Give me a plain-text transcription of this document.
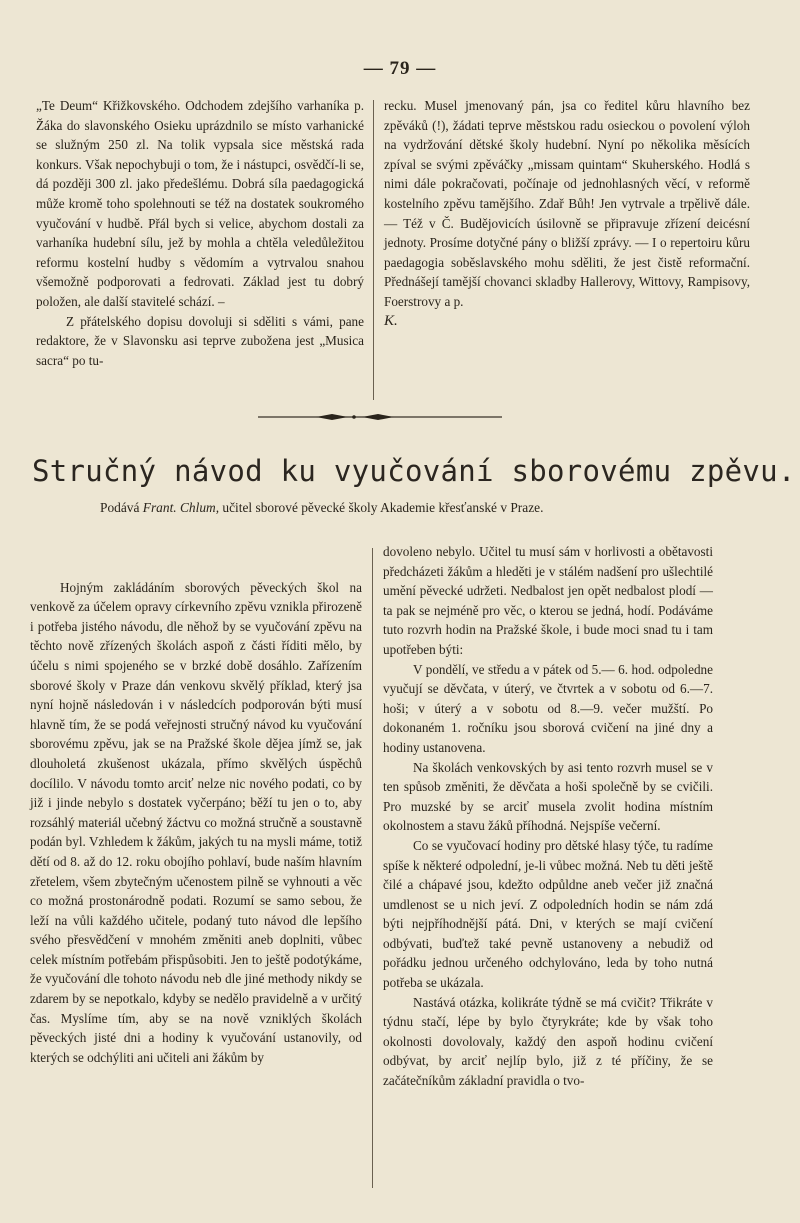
— 79 —

„Te Deum“ Křižkovského. Odchodem zdejšího varhaníka p. Žáka do slavonského Osieku uprázdnilo se místo varhanické se služným 250 zl. Na tolik vypsala sice městská rada konkurs. Však nepochybuji o tom, že i nástupci, osvědčí-li se, dá později 300 zl. jako předešlému. Dobrá síla paedagogická může kromě toho spolehnouti se též na dostatek soukromého vyučování v hudbě. Přál bych si velice, abychom dostali za varhaníka hudební sílu, jež by mohla a chtěla veledůležitou reformu kostelní hudby s vědomím a vytrvalou snahou všemožně podporovati a fedrovati. Základ jest tu dobrý položen, ale další stavitelé schází. –

Z přátelského dopisu dovoluji si sděliti s vámi, pane redaktore, že v Slavonsku asi teprve zubožena jest „Musica sacra“ po tu-

recku. Musel jmenovaný pán, jsa co ředitel kůru hlavního bez zpěváků (!), žádati teprve městskou radu osieckou o povolení výloh na vydržování dětské školy hudební. Nyní po několika měsících zpíval se svými zpěváčky „missam quintam“ Skuherského. Hodlá s nimi dále pokračovati, počínaje od jednohlasných věcí, v reformě kostelního zpěvu tamějšího. Zdař Bůh! Jen vytrvale a trpělivě dále. — Též v Č. Budějovicích úsilovně se připravuje zřízení deicésní jednoty. Prosíme dotyčné pány o bližší zprávy. — I o repertoiru kůru paedagogia soběslavského mohu sděliti, že jest čistě reformační. Přednášejí tamější chovanci skladby Hallerovy, Wittovy, Rampisovy, Foerstrovy a p.

K.

Stručný návod ku vyučování sborovému zpěvu.
Podává Frant. Chlum, učitel sborové pěvecké školy Akademie křesťanské v Praze.

Hojným zakládáním sborových pěveckých škol na venkově za účelem opravy církevního zpěvu vznikla přirozeně i potřeba jistého návodu, dle něhož by se vyučování zpěvu na těchto nově zřízených školách aspoň z části říditi mělo, by účelu s nimi spojeného se v brzké době dosáhlo. Zařízením sborové školy v Praze dán venkovu skvělý příklad, který jsa nyní hojně následován i v následcích podporován býti musí hlavně tím, že se podá veřejnosti stručný návod ku vyučování sborovému zpěvu, jak se na Pražské škole dějea jímž se, jak dlouholetá zkušenost ukázala, přímo skvělých úspěchů docílilo. V návodu tomto arciť nelze nic nového podati, co by již i jinde nebylo s dostatek vyčerpáno; běží tu jen o to, aby rozsáhlý materiál učebný žáctvu co možná stručně a soustavně podán byl. Vzhledem k žákům, jakých tu na mysli máme, totiž dětí od 8. až do 12. roku obojího pohlaví, bude naším hlavním zřetelem, všem zbytečným učenostem pilně se vyhnouti a věc co možná prostonárodně podati. Rozumí se samo sebou, že leží na vůli každého učitele, podaný tuto návod dle lepšího svého přesvědčení v mnohém změniti aneb doplniti, vůbec celek místním potřebám přispůsobiti. Jen to ještě podotýkáme, že vyučování dle tohoto návodu neb dle jiné methody nikdy se zdarem by se nepotkalo, kdyby se nedělo pravidelně a v určitý čas. Myslíme tím, aby se na nově vzniklých školách pěveckých jisté dni a hodiny k vyučování ustanovily, od kterých se odchýliti ani učiteli ani žákům by

dovoleno nebylo. Učitel tu musí sám v horlivosti a obětavosti předcházeti žákům a hleděti je v stálém nadšení pro ušlechtilé umění pěvecké udržeti. Nedbalost jen opět nedbalost plodí — ta pak se nejméně pro věc, o kterou se jedná, hodí. Podáváme tuto rozvrh hodin na Pražské škole, i bude moci snad tu i tam upotřeben býti:

V pondělí, ve středu a v pátek od 5.— 6. hod. odpoledne vyučují se děvčata, v úterý, ve čtvrtek a v sobotu od 6.—7. hoši; v úterý a v sobotu od 8.—9. večer mužští. Po dokonaném 1. ročníku jsou sborová cvičení na jiné dny a hodiny ustanovena.

Na školách venkovských by asi tento rozvrh musel se v ten spůsob změniti, že děvčata a hoši společně by se cvičili. Pro muzské by se arciť musela zvolit hodina místním okolnostem a stavu žáků příhodná. Nejspíše večerní.

Co se vyučovací hodiny pro dětské hlasy týče, tu radíme spíše k některé odpolední, je-li vůbec možná. Neb tu děti ještě čilé a chápavé jsou, kdežto odpůldne aneb večer již značná umdlenost se u nich jeví. Z odpoledních hodin se nám zdá býti nejpříhodnější pátá. Dni, v kterých se mají cvičení odbývati, buďtež také pevně ustanoveny a nebudiž od pořádku jednou určeného odchylováno, leda by toho nutná potřeba se ukázala.

Nastává otázka, kolikráte týdně se má cvičit? Třikráte v týdnu stačí, lépe by bylo čtyrykráte; kde by však toho okolnosti dovolovaly, každý den aspoň hodinu cvičení odbývat, by arciť nejlíp bylo, již z té příčiny, že se začátečníkům základní pravidla o tvo-
